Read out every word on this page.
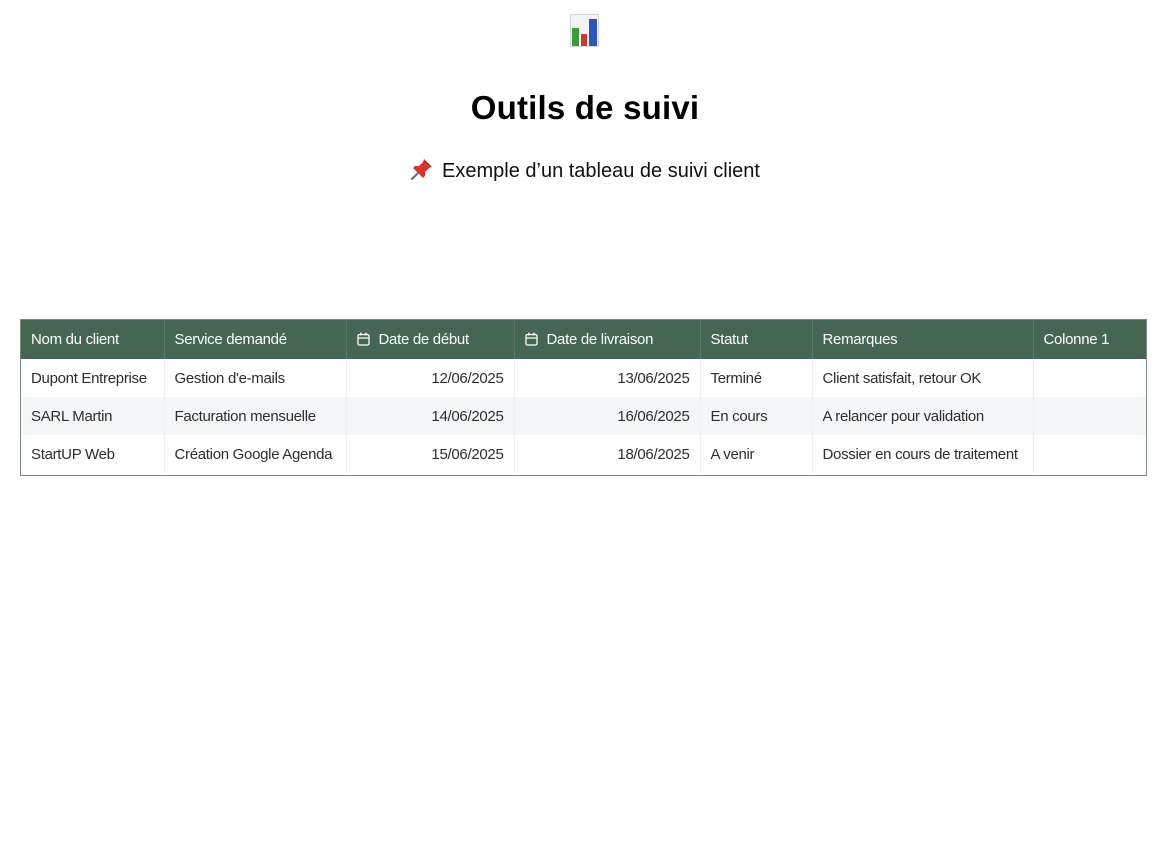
Outils de suivi
Exemple d’un tableau de suivi client
Nom du client	Service demandé	Date de début	Date de livraison	Statut	Remarques	Colonne 1
Dupont Entreprise	Gestion d'e-mails	12/06/2025	13/06/2025	Terminé	Client satisfait, retour OK	
SARL Martin	Facturation mensuelle	14/06/2025	16/06/2025	En cours	A relancer pour validation	
StartUP Web	Création Google Agenda	15/06/2025	18/06/2025	A venir	Dossier en cours de traitement	
